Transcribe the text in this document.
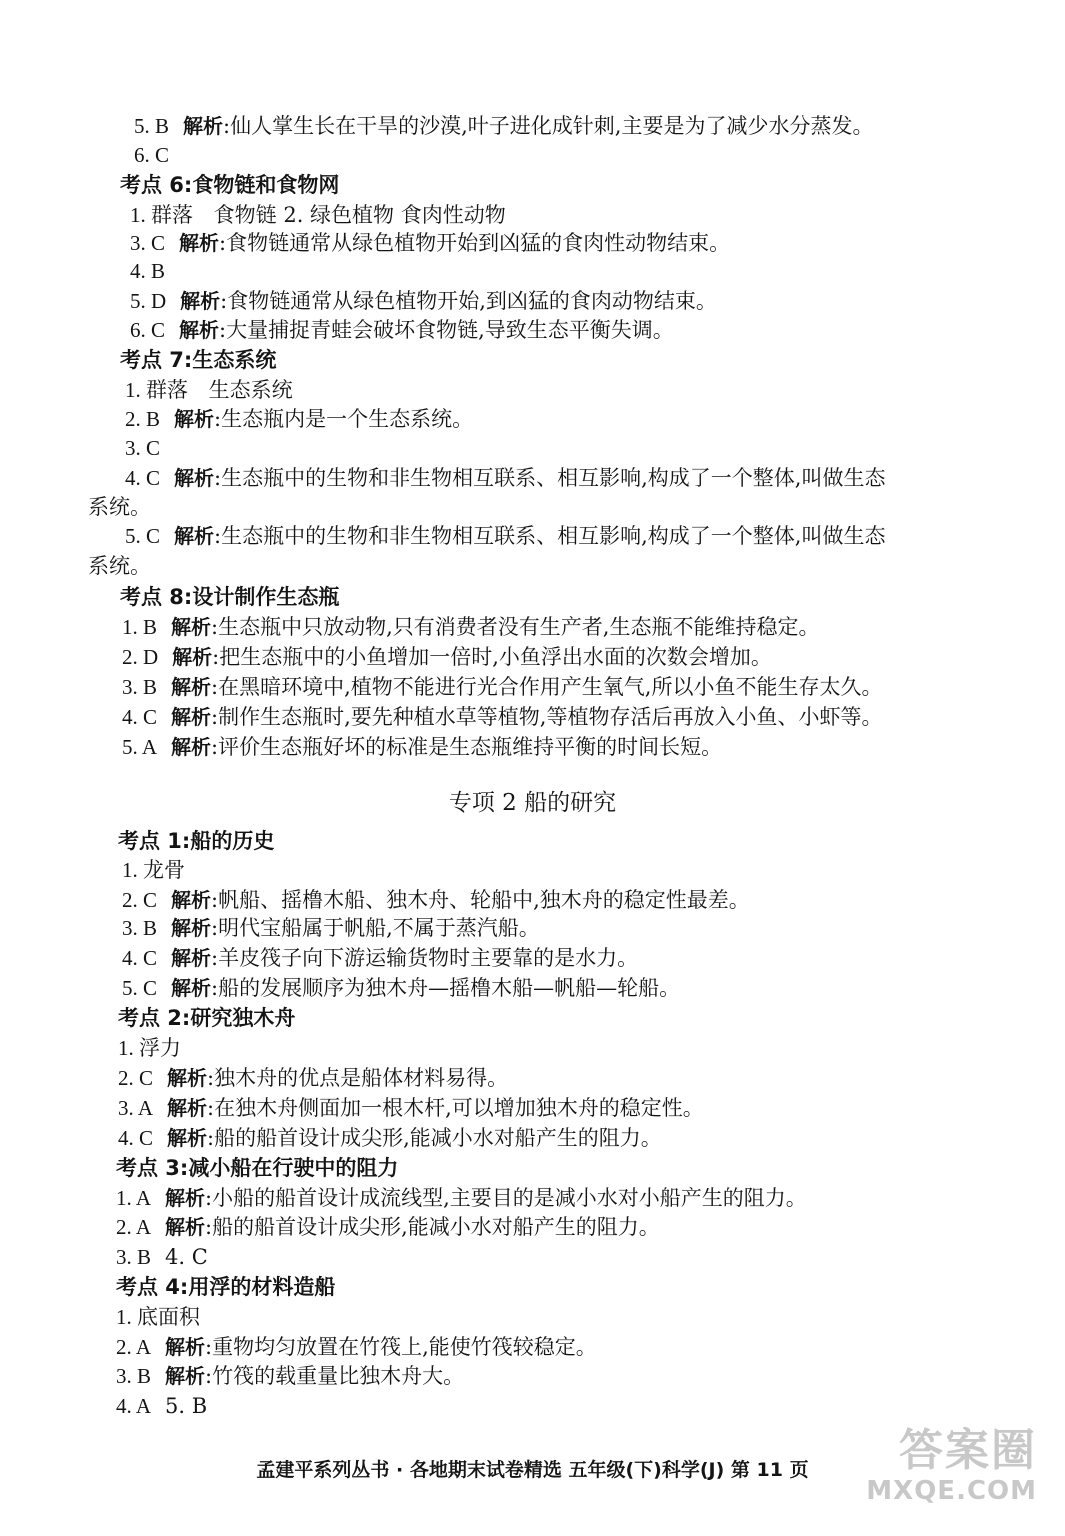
5. B 解析:仙人掌生长在干旱的沙漠,叶子进化成针刺,主要是为了减少水分蒸发。
6. C
考点 6:食物链和食物网
1. 群落 食物链 2. 绿色植物 食肉性动物
3. C 解析:食物链通常从绿色植物开始到凶猛的食肉性动物结束。
4. B
5. D 解析:食物链通常从绿色植物开始,到凶猛的食肉动物结束。
6. C 解析:大量捕捉青蛙会破坏食物链,导致生态平衡失调。
考点 7:生态系统
1. 群落 生态系统
2. B 解析:生态瓶内是一个生态系统。
3. C
4. C 解析:生态瓶中的生物和非生物相互联系、相互影响,构成了一个整体,叫做生态
系统。
5. C 解析:生态瓶中的生物和非生物相互联系、相互影响,构成了一个整体,叫做生态
系统。
考点 8:设计制作生态瓶
1. B 解析:生态瓶中只放动物,只有消费者没有生产者,生态瓶不能维持稳定。
2. D 解析:把生态瓶中的小鱼增加一倍时,小鱼浮出水面的次数会增加。
3. B 解析:在黑暗环境中,植物不能进行光合作用产生氧气,所以小鱼不能生存太久。
4. C 解析:制作生态瓶时,要先种植水草等植物,等植物存活后再放入小鱼、小虾等。
5. A 解析:评价生态瓶好坏的标准是生态瓶维持平衡的时间长短。
专项 2 船的研究
考点 1:船的历史
1. 龙骨
2. C 解析:帆船、摇橹木船、独木舟、轮船中,独木舟的稳定性最差。
3. B 解析:明代宝船属于帆船,不属于蒸汽船。
4. C 解析:羊皮筏子向下游运输货物时主要靠的是水力。
5. C 解析:船的发展顺序为独木舟—摇橹木船—帆船—轮船。
考点 2:研究独木舟
1. 浮力
2. C 解析:独木舟的优点是船体材料易得。
3. A 解析:在独木舟侧面加一根木杆,可以增加独木舟的稳定性。
4. C 解析:船的船首设计成尖形,能减小水对船产生的阻力。
考点 3:减小船在行驶中的阻力
1. A 解析:小船的船首设计成流线型,主要目的是减小水对小船产生的阻力。
2. A 解析:船的船首设计成尖形,能减小水对船产生的阻力。
3. B 4. C
考点 4:用浮的材料造船
1. 底面积
2. A 解析:重物均匀放置在竹筏上,能使竹筏较稳定。
3. B 解析:竹筏的载重量比独木舟大。
4. A 5. B
孟建平系列丛书 · 各地期末试卷精选 五年级(下)科学(J) 第 11 页	答案圈
MXQE.COM
